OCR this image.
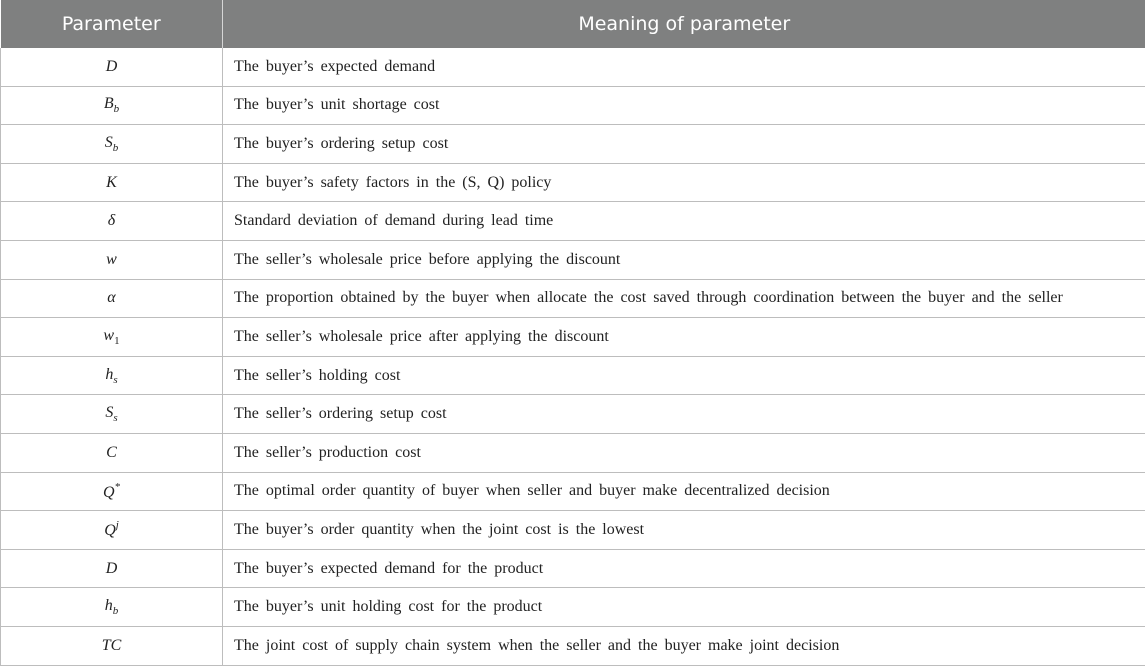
Parameter	Meaning of parameter
D	The buyer’s expected demand
$B_b$	The buyer’s unit shortage cost
$S_b$	The buyer’s ordering setup cost
K	The buyer’s safety factors in the (S, Q) policy
δ	Standard deviation of demand during lead time
w	The seller’s wholesale price before applying the discount
α	The proportion obtained by the buyer when allocate the cost saved through coordination between the buyer and the seller
$w_1$	The seller’s wholesale price after applying the discount
$h_s$	The seller’s holding cost
$S_s$	The seller’s ordering setup cost
C	The seller’s production cost
Q*	The optimal order quantity of buyer when seller and buyer make decentralized decision
$Q^j$	The buyer’s order quantity when the joint cost is the lowest
D	The buyer’s expected demand for the product
$h_b$	The buyer’s unit holding cost for the product
TC	The joint cost of supply chain system when the seller and the buyer make joint decision
